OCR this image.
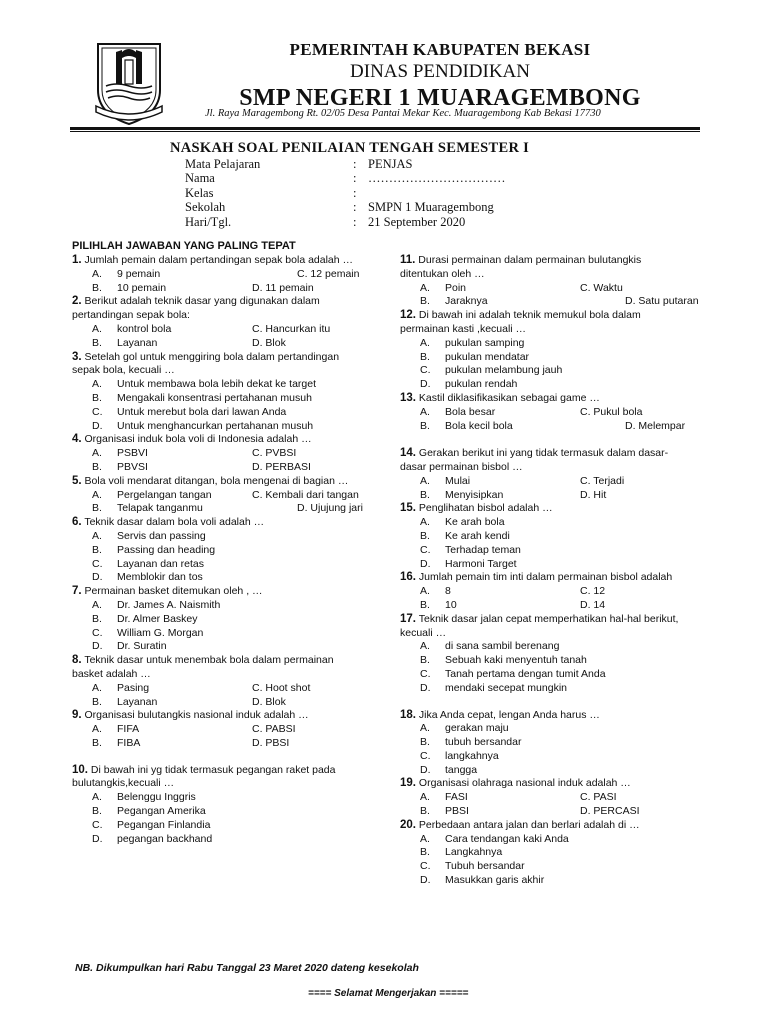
PEMERINTAH KABUPATEN BEKASI
DINAS PENDIDIKAN
SMP NEGERI 1 MUARAGEMBONG
Jl. Raya Maragembong Rt. 02/05 Desa Pantai Mekar Kec. Muaragembong Kab Bekasi 17730
NASKAH SOAL PENILAIAN TENGAH SEMESTER I
Mata Pelajaran	: PENJAS
Nama	: ……………………………
Kelas	:
Sekolah	: SMPN 1 Muaragembong
Hari/Tgl.	: 21 September 2020
PILIHLAH JAWABAN YANG PALING TEPAT
1. Jumlah pemain dalam pertandingan sepak bola adalah …
A. 9 pemain	C. 12 pemain
B. 10 pemain	D. 11 pemain
2. Berikut adalah teknik dasar yang digunakan dalam
pertandingan sepak bola:
A. kontrol bola	C. Hancurkan itu
B. Layanan	D. Blok
3. Setelah gol untuk menggiring bola dalam pertandingan
sepak bola, kecuali …
A. Untuk membawa bola lebih dekat ke target
B. Mengakali konsentrasi pertahanan musuh
C. Untuk merebut bola dari lawan Anda
D. Untuk menghancurkan pertahanan musuh
4. Organisasi induk bola voli di Indonesia adalah …
A. PSBVI	C. PVBSI
B. PBVSI	D. PERBASI
5. Bola voli mendarat ditangan, bola mengenai di bagian …
A. Pergelangan tangan	C. Kembali dari tangan
B. Telapak tanganmu	D. Ujujung jari
6. Teknik dasar dalam bola voli adalah …
A. Servis dan passing
B. Passing dan heading
C. Layanan dan retas
D. Memblokir dan tos
7. Permainan basket ditemukan oleh , …
A. Dr. James A. Naismith
B. Dr. Almer Baskey
C. William G. Morgan
D. Dr. Suratin
8. Teknik dasar untuk menembak bola dalam permainan
basket adalah …
A. Pasing	C. Hoot shot
B. Layanan	D. Blok
9. Organisasi bulutangkis nasional induk adalah …
A. FIFA	C. PABSI
B. FIBA	D. PBSI
10. Di bawah ini yg tidak termasuk pegangan raket pada
bulutangkis,kecuali …
A. Belenggu Inggris
B. Pegangan Amerika
C. Pegangan Finlandia
D. pegangan backhand
11. Durasi permainan dalam permainan bulutangkis
ditentukan oleh …
A. Poin	C. Waktu
B. Jaraknya	D. Satu putaran
12. Di bawah ini adalah teknik memukul bola dalam
permainan kasti ,kecuali …
A. pukulan samping
B. pukulan mendatar
C. pukulan melambung jauh
D. pukulan rendah
13. Kastil diklasifikasikan sebagai game …
A. Bola besar	C. Pukul bola
B. Bola kecil bola	D. Melempar
14. Gerakan berikut ini yang tidak termasuk dalam dasar-
dasar permainan bisbol …
A. Mulai	C. Terjadi
B. Menyisipkan	D. Hit
15. Penglihatan bisbol adalah …
A. Ke arah bola
B. Ke arah kendi
C. Terhadap teman
D. Harmoni Target
16. Jumlah pemain tim inti dalam permainan bisbol adalah
A. 8	C. 12
B. 10	D. 14
17. Teknik dasar jalan cepat memperhatikan hal-hal berikut,
kecuali …
A. di sana sambil berenang
B. Sebuah kaki menyentuh tanah
C. Tanah pertama dengan tumit Anda
D. mendaki secepat mungkin
18. Jika Anda cepat, lengan Anda harus …
A. gerakan maju
B. tubuh bersandar
C. langkahnya
D. tangga
19. Organisasi olahraga nasional induk adalah …
A. FASI	C. PASI
B. PBSI	D. PERCASI
20. Perbedaan antara jalan dan berlari adalah di …
A. Cara tendangan kaki Anda
B. Langkahnya
C. Tubuh bersandar
D. Masukkan garis akhir
NB. Dikumpulkan hari Rabu Tanggal 23 Maret 2020 dateng kesekolah
==== Selamat Mengerjakan =====
